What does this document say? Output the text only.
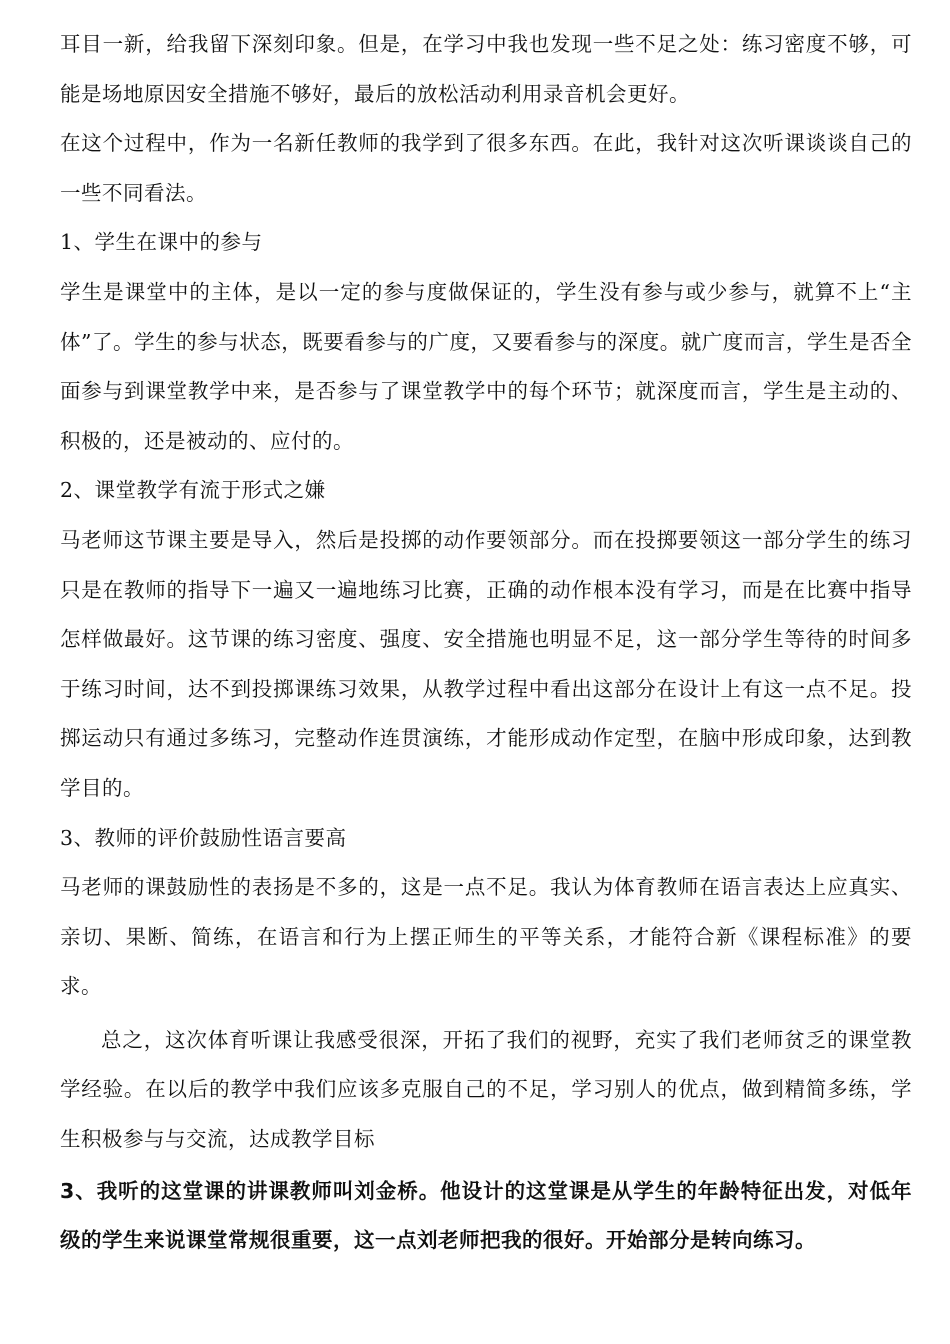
耳目一新，给我留下深刻印象。但是，在学习中我也发现一些不足之处：练习密度不够，可能是场地原因安全措施不够好，最后的放松活动利用录音机会更好。

在这个过程中，作为一名新任教师的我学到了很多东西。在此，我针对这次听课谈谈自己的一些不同看法。

1、学生在课中的参与

学生是课堂中的主体，是以一定的参与度做保证的，学生没有参与或少参与，就算不上“主体”了。学生的参与状态，既要看参与的广度，又要看参与的深度。就广度而言，学生是否全面参与到课堂教学中来，是否参与了课堂教学中的每个环节；就深度而言，学生是主动的、积极的，还是被动的、应付的。

2、课堂教学有流于形式之嫌

马老师这节课主要是导入，然后是投掷的动作要领部分。而在投掷要领这一部分学生的练习只是在教师的指导下一遍又一遍地练习比赛，正确的动作根本没有学习，而是在比赛中指导怎样做最好。这节课的练习密度、强度、安全措施也明显不足，这一部分学生等待的时间多于练习时间，达不到投掷课练习效果，从教学过程中看出这部分在设计上有这一点不足。投掷运动只有通过多练习，完整动作连贯演练，才能形成动作定型，在脑中形成印象，达到教学目的。

3、教师的评价鼓励性语言要高

马老师的课鼓励性的表扬是不多的，这是一点不足。我认为体育教师在语言表达上应真实、亲切、果断、简练，在语言和行为上摆正师生的平等关系，才能符合新《课程标准》的要求。

总之，这次体育听课让我感受很深，开拓了我们的视野，充实了我们老师贫乏的课堂教学经验。在以后的教学中我们应该多克服自己的不足，学习别人的优点，做到精简多练，学生积极参与与交流，达成教学目标

3、我听的这堂课的讲课教师叫刘金桥。他设计的这堂课是从学生的年龄特征出发，对低年级的学生来说课堂常规很重要，这一点刘老师把我的很好。开始部分是转向练习。
